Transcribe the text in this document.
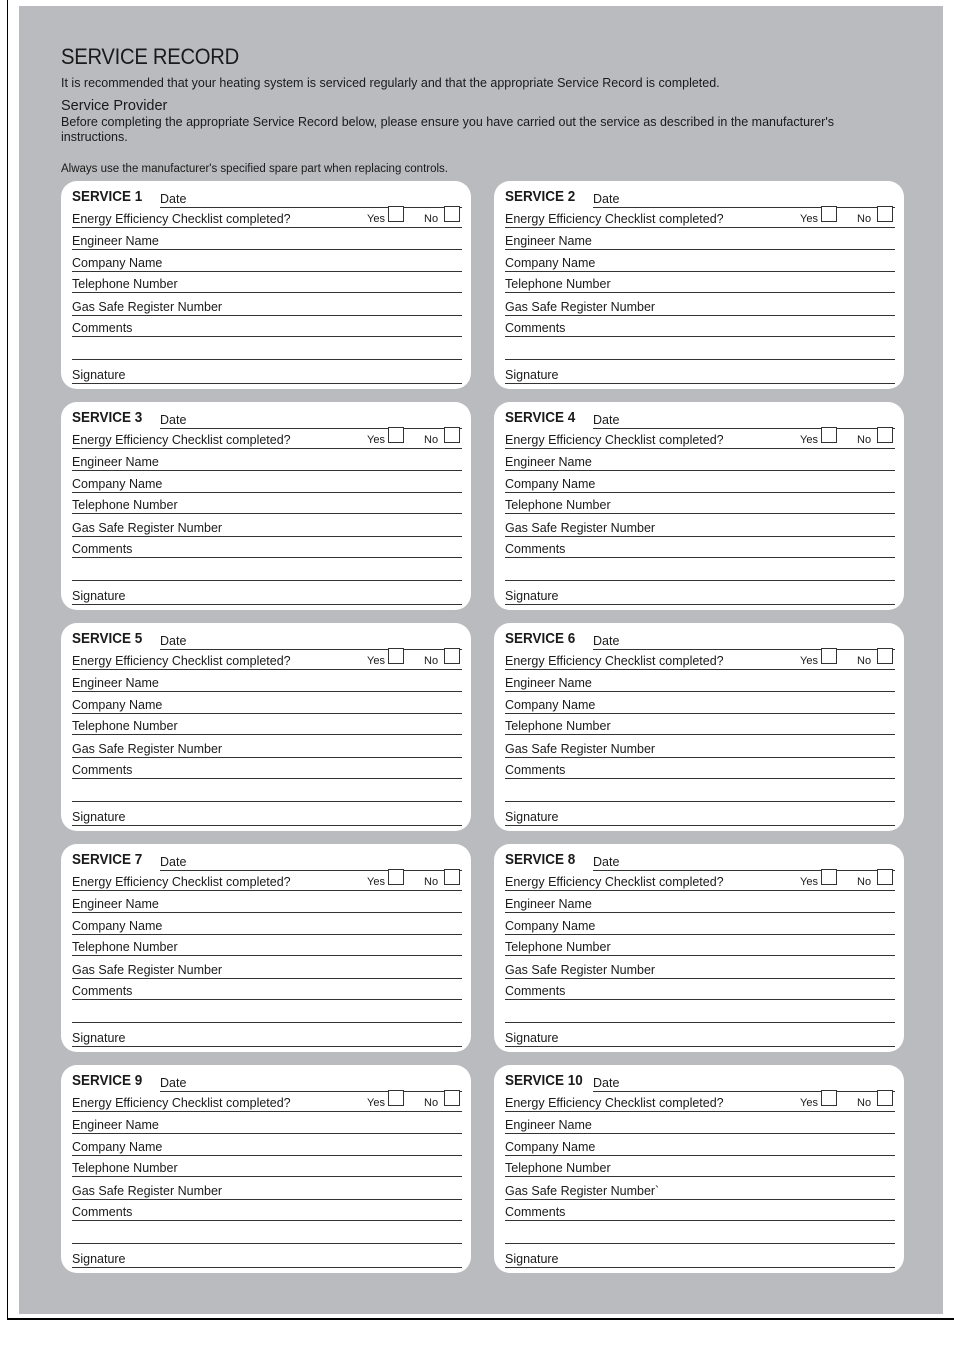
SERVICE RECORD

It is recommended that your heating system is serviced regularly and that the appropriate Service Record is completed.

Service Provider

Before completing the appropriate Service Record below, please ensure you have carried out the service as described in the manufacturer's instructions.

Always use the manufacturer's specified spare part when replacing controls.

SERVICE 1 Date
Energy Efficiency Checklist completed?	Yes	No
Engineer Name
Company Name
Telephone Number
Gas Safe Register Number
Comments
Signature
SERVICE 2 Date
Energy Efficiency Checklist completed?	Yes	No
Engineer Name
Company Name
Telephone Number
Gas Safe Register Number
Comments
Signature
SERVICE 3 Date
Energy Efficiency Checklist completed?	Yes	No
Engineer Name
Company Name
Telephone Number
Gas Safe Register Number
Comments
Signature
SERVICE 4 Date
Energy Efficiency Checklist completed?	Yes	No
Engineer Name
Company Name
Telephone Number
Gas Safe Register Number
Comments
Signature
SERVICE 5 Date
Energy Efficiency Checklist completed?	Yes	No
Engineer Name
Company Name
Telephone Number
Gas Safe Register Number
Comments
Signature
SERVICE 6 Date
Energy Efficiency Checklist completed?	Yes	No
Engineer Name
Company Name
Telephone Number
Gas Safe Register Number
Comments
Signature
SERVICE 7 Date
Energy Efficiency Checklist completed?	Yes	No
Engineer Name
Company Name
Telephone Number
Gas Safe Register Number
Comments
Signature
SERVICE 8 Date
Energy Efficiency Checklist completed?	Yes	No
Engineer Name
Company Name
Telephone Number
Gas Safe Register Number
Comments
Signature
SERVICE 9 Date
Energy Efficiency Checklist completed?	Yes	No
Engineer Name
Company Name
Telephone Number
Gas Safe Register Number
Comments
Signature
SERVICE 10 Date
Energy Efficiency Checklist completed?	Yes	No
Engineer Name
Company Name
Telephone Number
Gas Safe Register Number`
Comments
Signature
